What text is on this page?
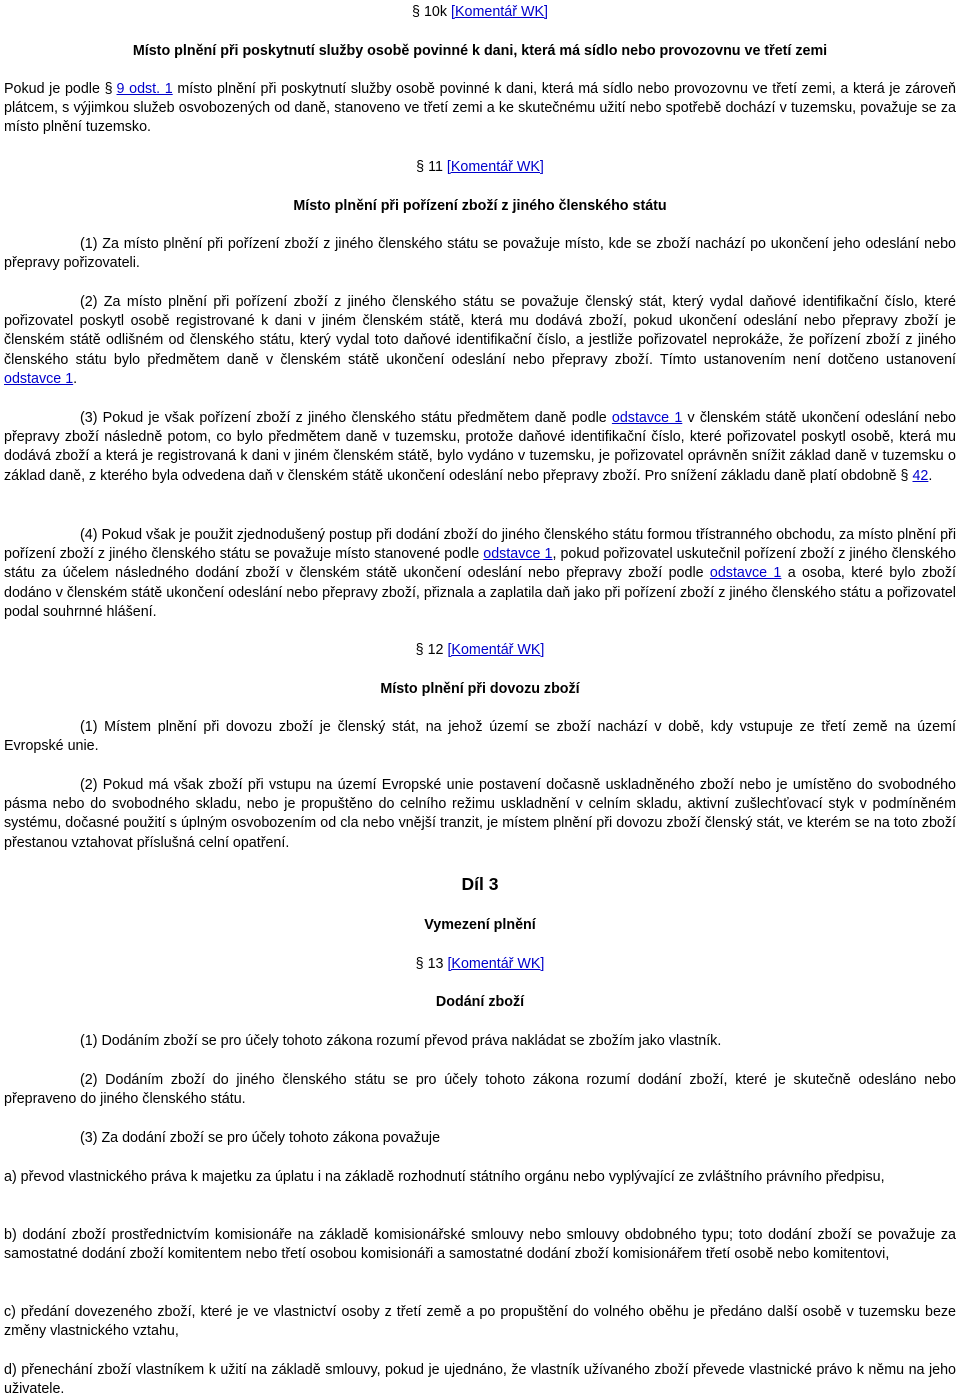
§ 10k [Komentář WK]

Místo plnění při poskytnutí služby osobě povinné k dani, která má sídlo nebo provozovnu ve třetí zemi

Pokud je podle § 9 odst. 1 místo plnění při poskytnutí služby osobě povinné k dani, která má sídlo nebo provozovnu ve třetí zemi, a která je zároveň plátcem, s výjimkou služeb osvobozených od daně, stanoveno ve třetí zemi a ke skutečnému užití nebo spotřebě dochází v tuzemsku, považuje se za místo plnění tuzemsko.

§ 11 [Komentář WK]

Místo plnění při pořízení zboží z jiného členského státu

(1) Za místo plnění při pořízení zboží z jiného členského státu se považuje místo, kde se zboží nachází po ukončení jeho odeslání nebo přepravy pořizovateli.

(2) Za místo plnění při pořízení zboží z jiného členského státu se považuje členský stát, který vydal daňové identifikační číslo, které pořizovatel poskytl osobě registrované k dani v jiném členském státě, která mu dodává zboží, pokud ukončení odeslání nebo přepravy zboží je členském státě odlišném od členského státu, který vydal toto daňové identifikační číslo, a jestliže pořizovatel neprokáže, že pořízení zboží z jiného členského státu bylo předmětem daně v členském státě ukončení odeslání nebo přepravy zboží. Tímto ustanovením není dotčeno ustanovení odstavce 1.

(3) Pokud je však pořízení zboží z jiného členského státu předmětem daně podle odstavce 1 v členském státě ukončení odeslání nebo přepravy zboží následně potom, co bylo předmětem daně v tuzemsku, protože daňové identifikační číslo, které pořizovatel poskytl osobě, která mu dodává zboží a která je registrovaná k dani v jiném členském státě, bylo vydáno v tuzemsku, je pořizovatel oprávněn snížit základ daně v tuzemsku o základ daně, z kterého byla odvedena daň v členském státě ukončení odeslání nebo přepravy zboží. Pro snížení základu daně platí obdobně § 42.

(4) Pokud však je použit zjednodušený postup při dodání zboží do jiného členského státu formou třístranného obchodu, za místo plnění při pořízení zboží z jiného členského státu se považuje místo stanovené podle odstavce 1, pokud pořizovatel uskutečnil pořízení zboží z jiného členského státu za účelem následného dodání zboží v členském státě ukončení odeslání nebo přepravy zboží podle odstavce 1 a osoba, které bylo zboží dodáno v členském státě ukončení odeslání nebo přepravy zboží, přiznala a zaplatila daň jako při pořízení zboží z jiného členského státu a pořizovatel podal souhrnné hlášení.

§ 12 [Komentář WK]

Místo plnění při dovozu zboží

(1) Místem plnění při dovozu zboží je členský stát, na jehož území se zboží nachází v době, kdy vstupuje ze třetí země na území Evropské unie.

(2) Pokud má však zboží při vstupu na území Evropské unie postavení dočasně uskladněného zboží nebo je umístěno do svobodného pásma nebo do svobodného skladu, nebo je propuštěno do celního režimu uskladnění v celním skladu, aktivní zušlechťovací styk v podmíněném systému, dočasné použití s úplným osvobozením od cla nebo vnější tranzit, je místem plnění při dovozu zboží členský stát, ve kterém se na toto zboží přestanou vztahovat příslušná celní opatření.

Díl 3

Vymezení plnění

§ 13 [Komentář WK]

Dodání zboží

(1) Dodáním zboží se pro účely tohoto zákona rozumí převod práva nakládat se zbožím jako vlastník.

(2) Dodáním zboží do jiného členského státu se pro účely tohoto zákona rozumí dodání zboží, které je skutečně odesláno nebo přepraveno do jiného členského státu.

(3) Za dodání zboží se pro účely tohoto zákona považuje

a) převod vlastnického práva k majetku za úplatu i na základě rozhodnutí státního orgánu nebo vyplývající ze zvláštního právního předpisu,

b) dodání zboží prostřednictvím komisionáře na základě komisionářské smlouvy nebo smlouvy obdobného typu; toto dodání zboží se považuje za samostatné dodání zboží komitentem nebo třetí osobou komisionáři a samostatné dodání zboží komisionářem třetí osobě nebo komitentovi,

c) předání dovezeného zboží, které je ve vlastnictví osoby z třetí země a po propuštění do volného oběhu je předáno další osobě v tuzemsku beze změny vlastnického vztahu,

d) přenechání zboží vlastníkem k užití na základě smlouvy, pokud je ujednáno, že vlastník užívaného zboží převede vlastnické právo k němu na jeho uživatele.
